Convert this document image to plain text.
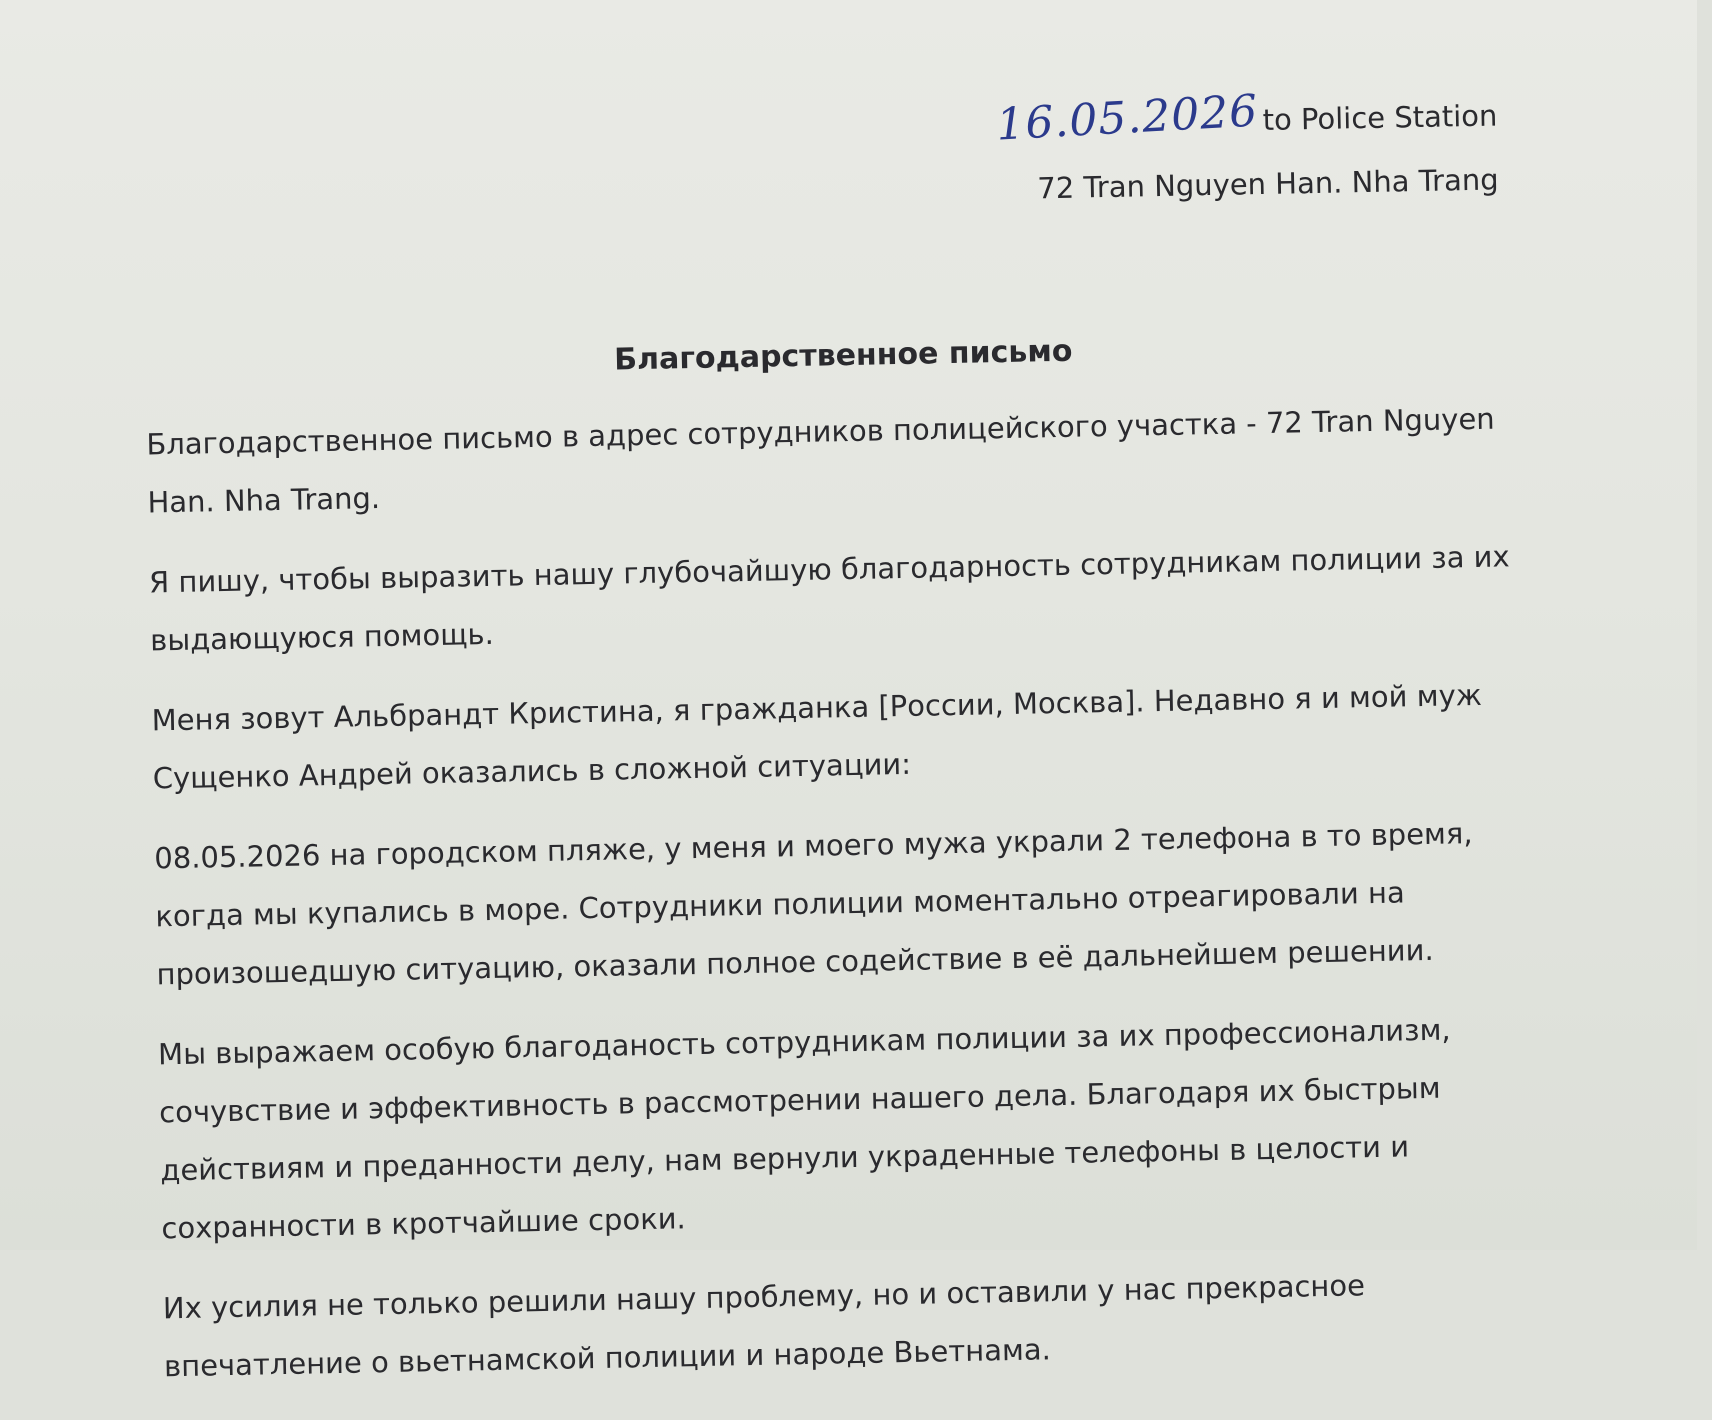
16.05.2026to Police Station
72 Tran Nguyen Han. Nha Trang
Благодарственное письмо

Благодарственное письмо в адрес сотрудников полицейского участка - 72 Tran Nguyen Han. Nha Trang.

Я пишу, чтобы выразить нашу глубочайшую благодарность сотрудникам полиции за их выдающуюся помощь.

Меня зовут Альбрандт Кристина, я гражданка [России, Москва]. Недавно я и мой муж Сущенко Андрей оказались в сложной ситуации:

08.05.2026 на городском пляже, у меня и моего мужа украли 2 телефона в то время, когда мы купались в море. Сотрудники полиции моментально отреагировали на произошедшую ситуацию, оказали полное содействие в её дальнейшем решении.

Мы выражаем особую благоданость сотрудникам полиции за их профессионализм, сочувствие и эффективность в рассмотрении нашего дела. Благодаря их быстрым действиям и преданности делу, нам вернули украденные телефоны в целости и сохранности в кротчайшие сроки.

Их усилия не только решили нашу проблему, но и оставили у нас прекрасное впечатление о вьетнамской полиции и народе Вьетнама.
